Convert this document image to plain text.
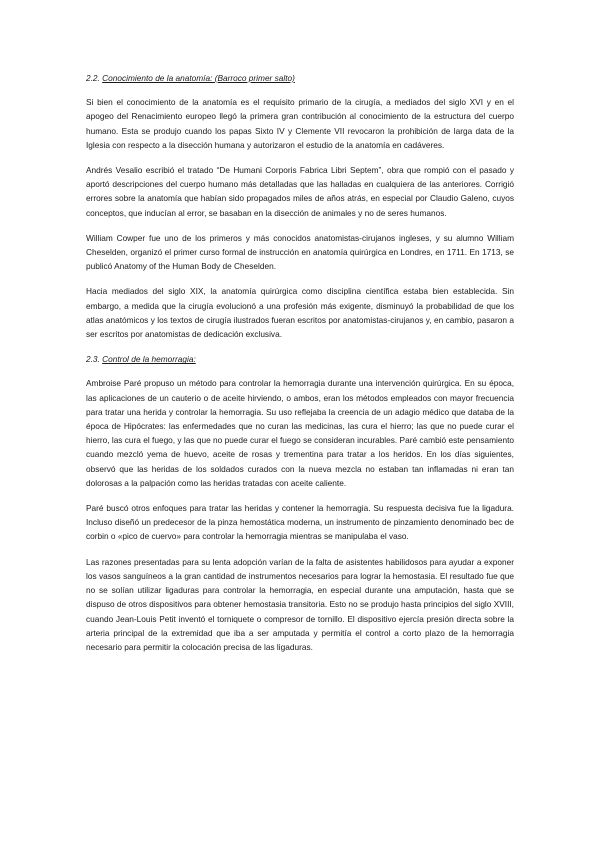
2.2. Conocimiento de la anatomía: (Barroco primer salto)

Si bien el conocimiento de la anatomía es el requisito primario de la cirugía, a mediados del siglo XVI y en el apogeo del Renacimiento europeo llegó la primera gran contribución al conocimiento de la estructura del cuerpo humano. Esta se produjo cuando los papas Sixto IV y Clemente VII revocaron la prohibición de larga data de la Iglesia con respecto a la disección humana y autorizaron el estudio de la anatomía en cadáveres.

Andrés Vesalio escribió el tratado “De Humani Corporis Fabrica Libri Septem”, obra que rompió con el pasado y aportó descripciones del cuerpo humano más detalladas que las halladas en cualquiera de las anteriores. Corrigió errores sobre la anatomía que habían sido propagados miles de años atrás, en especial por Claudio Galeno, cuyos conceptos, que inducían al error, se basaban en la disección de animales y no de seres humanos.

William Cowper fue uno de los primeros y más conocidos anatomistas-cirujanos ingleses, y su alumno William Cheselden, organizó el primer curso formal de instrucción en anatomía quirúrgica en Londres, en 1711. En 1713, se publicó Anatomy of the Human Body de Cheselden.

Hacia mediados del siglo XIX, la anatomía quirúrgica como disciplina científica estaba bien establecida. Sin embargo, a medida que la cirugía evolucionó a una profesión más exigente, disminuyó la probabilidad de que los atlas anatómicos y los textos de cirugía ilustrados fueran escritos por anatomistas-cirujanos y, en cambio, pasaron a ser escritos por anatomistas de dedicación exclusiva.

2.3. Control de la hemorragia:

Ambroise Paré propuso un método para controlar la hemorragia durante una intervención quirúrgica. En su época, las aplicaciones de un cauterio o de aceite hirviendo, o ambos, eran los métodos empleados con mayor frecuencia para tratar una herida y controlar la hemorragia. Su uso reflejaba la creencia de un adagio médico que databa de la época de Hipócrates: las enfermedades que no curan las medicinas, las cura el hierro; las que no puede curar el hierro, las cura el fuego, y las que no puede curar el fuego se consideran incurables. Paré cambió este pensamiento cuando mezcló yema de huevo, aceite de rosas y trementina para tratar a los heridos. En los días siguientes, observó que las heridas de los soldados curados con la nueva mezcla no estaban tan inflamadas ni eran tan dolorosas a la palpación como las heridas tratadas con aceite caliente.

Paré buscó otros enfoques para tratar las heridas y contener la hemorragia. Su respuesta decisiva fue la ligadura. Incluso diseñó un predecesor de la pinza hemostática moderna, un instrumento de pinzamiento denominado bec de corbin o «pico de cuervo» para controlar la hemorragia mientras se manipulaba el vaso.

Las razones presentadas para su lenta adopción varían de la falta de asistentes habilidosos para ayudar a exponer los vasos sanguíneos a la gran cantidad de instrumentos necesarios para lograr la hemostasia. El resultado fue que no se solían utilizar ligaduras para controlar la hemorragia, en especial durante una amputación, hasta que se dispuso de otros dispositivos para obtener hemostasia transitoria. Esto no se produjo hasta principios del siglo XVIII, cuando Jean-Louis Petit inventó el torniquete o compresor de tornillo. El dispositivo ejercía presión directa sobre la arteria principal de la extremidad que iba a ser amputada y permitía el control a corto plazo de la hemorragia necesario para permitir la colocación precisa de las ligaduras.
